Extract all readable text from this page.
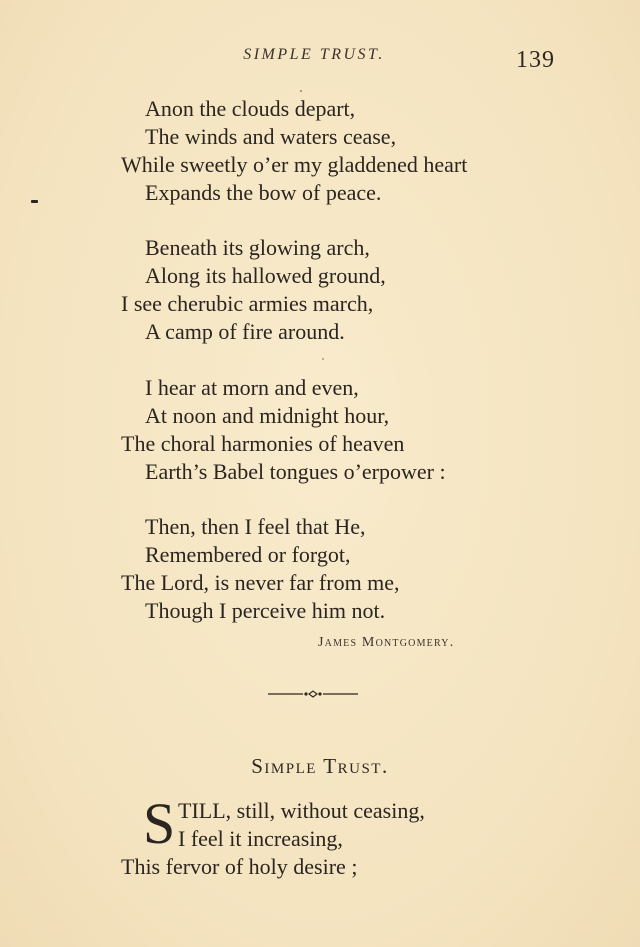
SIMPLE TRUST.	139
Anon the clouds depart,
The winds and waters cease,
While sweetly o’er my gladdened heart
Expands the bow of peace.
Beneath its glowing arch,
Along its hallowed ground,
I see cherubic armies march,
A camp of fire around.
I hear at morn and even,
At noon and midnight hour,
The choral harmonies of heaven
Earth’s Babel tongues o’erpower :
Then, then I feel that He,
Remembered or forgot,
The Lord, is never far from me,
Though I perceive him not.
James Montgomery.
Simple Trust.
S TILL, still, without ceasing,
I feel it increasing,
This fervor of holy desire ;
